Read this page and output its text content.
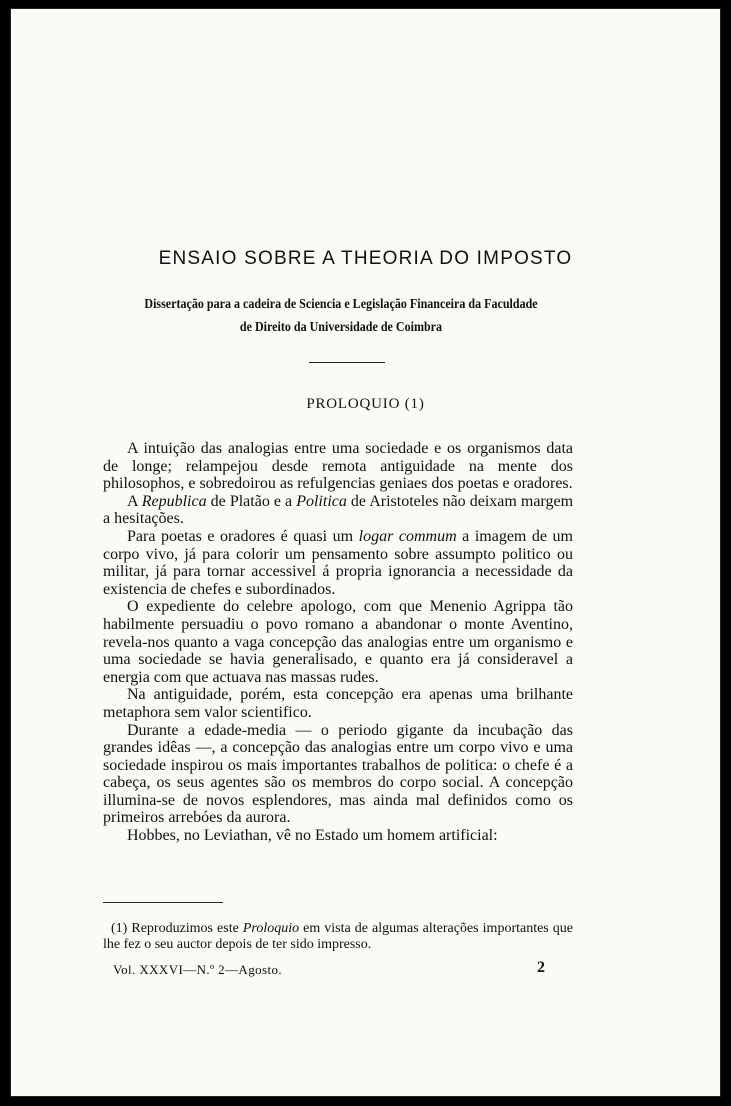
ENSAIO SOBRE A THEORIA DO IMPOSTO
Dissertação para a cadeira de Sciencia e Legislação Financeira da Faculdade de Direito da Universidade de Coimbra
PROLOQUIO (1)

A intuição das analogias entre uma sociedade e os organismos data de longe; relampejou desde remota antiguidade na mente dos philosophos, e sobredoirou as refulgencias geniaes dos poetas e oradores.

A Republica de Platão e a Politica de Aristoteles não deixam margem a hesitações.

Para poetas e oradores é quasi um logar commum a imagem de um corpo vivo, já para colorir um pensamento sobre assumpto politico ou militar, já para tornar accessivel á propria ignorancia a necessidade da existencia de chefes e subordinados.

O expediente do celebre apologo, com que Menenio Agrippa tão habilmente persuadiu o povo romano a abandonar o monte Aventino, revela-nos quanto a vaga concepção das analogias entre um organismo e uma sociedade se havia generalisado, e quanto era já consideravel a energia com que actuava nas massas rudes.

Na antiguidade, porém, esta concepção era apenas uma brilhante metaphora sem valor scientifico.

Durante a edade-media — o periodo gigante da incubação das grandes idêas —, a concepção das analogias entre um corpo vivo e uma sociedade inspirou os mais importantes trabalhos de politica: o chefe é a cabeça, os seus agentes são os membros do corpo social. A concepção illumina-se de novos esplendores, mas ainda mal definidos como os primeiros arrebóes da aurora.

Hobbes, no Leviathan, vê no Estado um homem artificial:

(1) Reproduzimos este Proloquio em vista de algumas alterações importantes que lhe fez o seu auctor depois de ter sido impresso.

Vol. XXXVI—N.º 2—Agosto.	2
